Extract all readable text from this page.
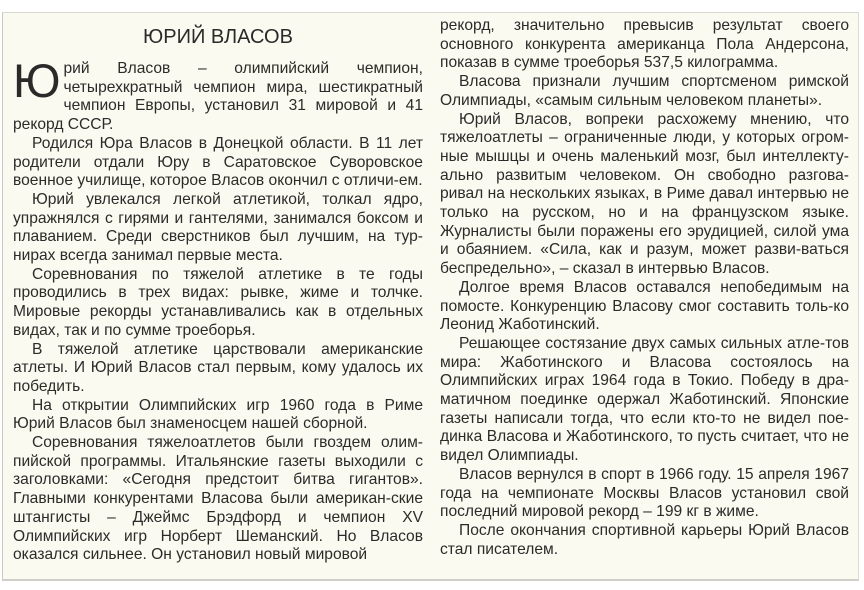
ЮРИЙ ВЛАСОВ

Юрий Власов – олимпийский чемпион, четырехкратный чемпион мира, шестикратный чемпион Европы, установил 31 мировой и 41 рекорд СССР.

Родился Юра Власов в Донецкой области. В 11 лет родители отдали Юру в Саратовское Суворовское военное училище, которое Власов окончил с отличи-ем.

Юрий увлекался легкой атлетикой, толкал ядро, упражнялся с гирями и гантелями, занимался боксом и плаванием. Среди сверстников был лучшим, на тур-нирах всегда занимал первые места.

Соревнования по тяжелой атлетике в те годы проводились в трех видах: рывке, жиме и толчке. Мировые рекорды устанавливались как в отдельных видах, так и по сумме троеборья.

В тяжелой атлетике царствовали американские атлеты. И Юрий Власов стал первым, кому удалось их победить.

На открытии Олимпийских игр 1960 года в Риме Юрий Власов был знаменосцем нашей сборной.

Соревнования тяжелоатлетов были гвоздем олим-пийской программы. Итальянские газеты выходили с заголовками: «Сегодня предстоит битва гигантов». Главными конкурентами Власова были американ-ские штангисты – Джеймс Брэдфорд и чемпион XV Олимпийских игр Норберт Шеманский. Но Власов оказался сильнее. Он установил новый мировой

рекорд, значительно превысив результат своего основного конкурента американца Пола Андерсона, показав в сумме троеборья 537,5 килограмма.

Власова признали лучшим спортсменом римской Олимпиады, «самым сильным человеком планеты».

Юрий Власов, вопреки расхожему мнению, что тяжелоатлеты – ограниченные люди, у которых огром-ные мышцы и очень маленький мозг, был интеллекту-ально развитым человеком. Он свободно разгова-ривал на нескольких языках, в Риме давал интервью не только на русском, но и на французском языке. Журналисты были поражены его эрудицией, силой ума и обаянием. «Сила, как и разум, может разви-ваться беспредельно», – сказал в интервью Власов.

Долгое время Власов оставался непобедимым на помосте. Конкуренцию Власову смог составить толь-ко Леонид Жаботинский.

Решающее состязание двух самых сильных атле-тов мира: Жаботинского и Власова состоялось на Олимпийских играх 1964 года в Токио. Победу в дра-матичном поединке одержал Жаботинский. Японские газеты написали тогда, что если кто-то не видел пое-динка Власова и Жаботинского, то пусть считает, что не видел Олимпиады.

Власов вернулся в спорт в 1966 году. 15 апреля 1967 года на чемпионате Москвы Власов установил свой последний мировой рекорд – 199 кг в жиме.

После окончания спортивной карьеры Юрий Власов стал писателем.
